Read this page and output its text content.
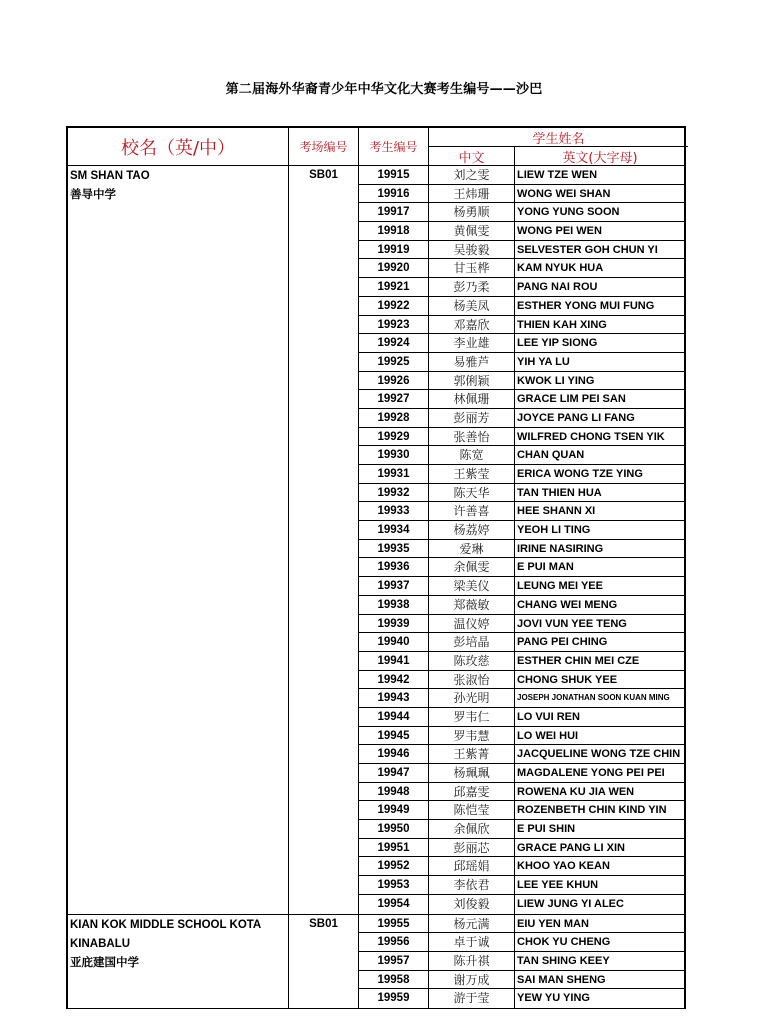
第二届海外华裔青少年中华文化大赛考生编号——沙巴
校名（英/中）	考场编号	考生编号
学生姓名
中文	英文(大字母)
SM SHAN TAO
善导中学
SB01	19915	刘之雯	LIEW TZE WEN
19916	王炜珊	WONG WEI SHAN
19917	杨勇顺	YONG YUNG SOON
19918	黄佩雯	WONG PEI WEN
19919	吴骏毅	SELVESTER GOH CHUN YI
19920	甘玉桦	KAM NYUK HUA
19921	彭乃柔	PANG NAI ROU
19922	杨美凤	ESTHER YONG MUI FUNG
19923	邓嘉欣	THIEN KAH XING
19924	李业雄	LEE YIP SIONG
19925	易雅芦	YIH YA LU
19926	郭俐颖	KWOK LI YING
19927	林佩珊	GRACE LIM PEI SAN
19928	彭丽芳	JOYCE PANG LI FANG
19929	张善怡	WILFRED CHONG TSEN YIK
19930	陈宽	CHAN QUAN
19931	王紫莹	ERICA WONG TZE YING
19932	陈天华	TAN THIEN HUA
19933	许善喜	HEE SHANN XI
19934	杨荔婷	YEOH LI TING
19935	爱琳	IRINE NASIRING
19936	余佩雯	E PUI MAN
19937	梁美仪	LEUNG MEI YEE
19938	郑薇敏	CHANG WEI MENG
19939	温仪婷	JOVI VUN YEE TENG
19940	彭培晶	PANG PEI CHING
19941	陈玫慈	ESTHER CHIN MEI CZE
19942	张淑怡	CHONG SHUK YEE
19943	孙光明	JOSEPH JONATHAN SOON KUAN MING
19944	罗韦仁	LO VUI REN
19945	罗韦慧	LO WEI HUI
19946	王紫菁	JACQUELINE WONG TZE CHIN
19947	杨珮珮	MAGDALENE YONG PEI PEI
19948	邱嘉雯	ROWENA KU JIA WEN
19949	陈恺莹	ROZENBETH CHIN KIND YIN
19950	余佩欣	E PUI SHIN
19951	彭丽芯	GRACE PANG LI XIN
19952	邱瑶娟	KHOO YAO KEAN
19953	李依君	LEE YEE KHUN
19954	刘俊毅	LIEW JUNG YI ALEC
KIAN KOK MIDDLE SCHOOL KOTA KINABALU
亚庇建国中学
SB01	19955	杨元满	EIU YEN MAN
19956	卓于诚	CHOK YU CHENG
19957	陈升祺	TAN SHING KEEY
19958	谢万成	SAI MAN SHENG
19959	游于莹	YEW YU YING
